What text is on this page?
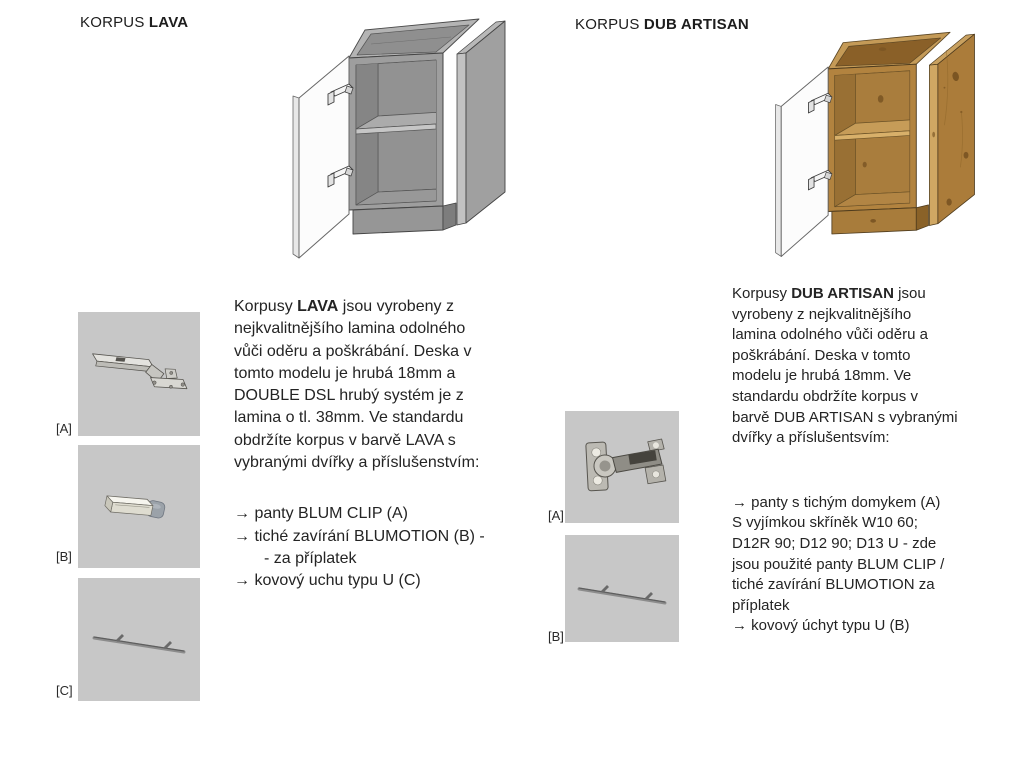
KORPUS LAVA	KORPUS DUB ARTISAN
[A]
[B]
[C]
[A]
[B]
Korpusy LAVA jsou vyrobeny z
nejkvalitnějšího lamina odolného
vůči oděru a poškrábání. Deska v
tomto modelu je hrubá 18mm a
DOUBLE DSL hrubý systém je z
lamina o tl. 38mm. Ve standardu
obdržíte korpus v barvě LAVA s
vybranými dvířky a příslušenstvím:
→ panty BLUM CLIP (A)
→ tiché zavírání BLUMOTION (B) -
- za příplatek
→ kovový uchu typu U (C)
Korpusy DUB ARTISAN jsou
vyrobeny z nejkvalitnějšího
lamina odolného vůči oděru a
poškrábání. Deska v tomto
modelu je hrubá 18mm. Ve
standardu obdržíte korpus v
barvě DUB ARTISAN s vybranými
dvířky a příslušentsvím:
→ panty s tichým domykem (A)
S vyjímkou skříněk W10 60;
D12R 90; D12 90; D13 U - zde
jsou použité panty BLUM CLIP /
tiché zavírání BLUMOTION za
příplatek
→ kovový úchyt typu U (B)
